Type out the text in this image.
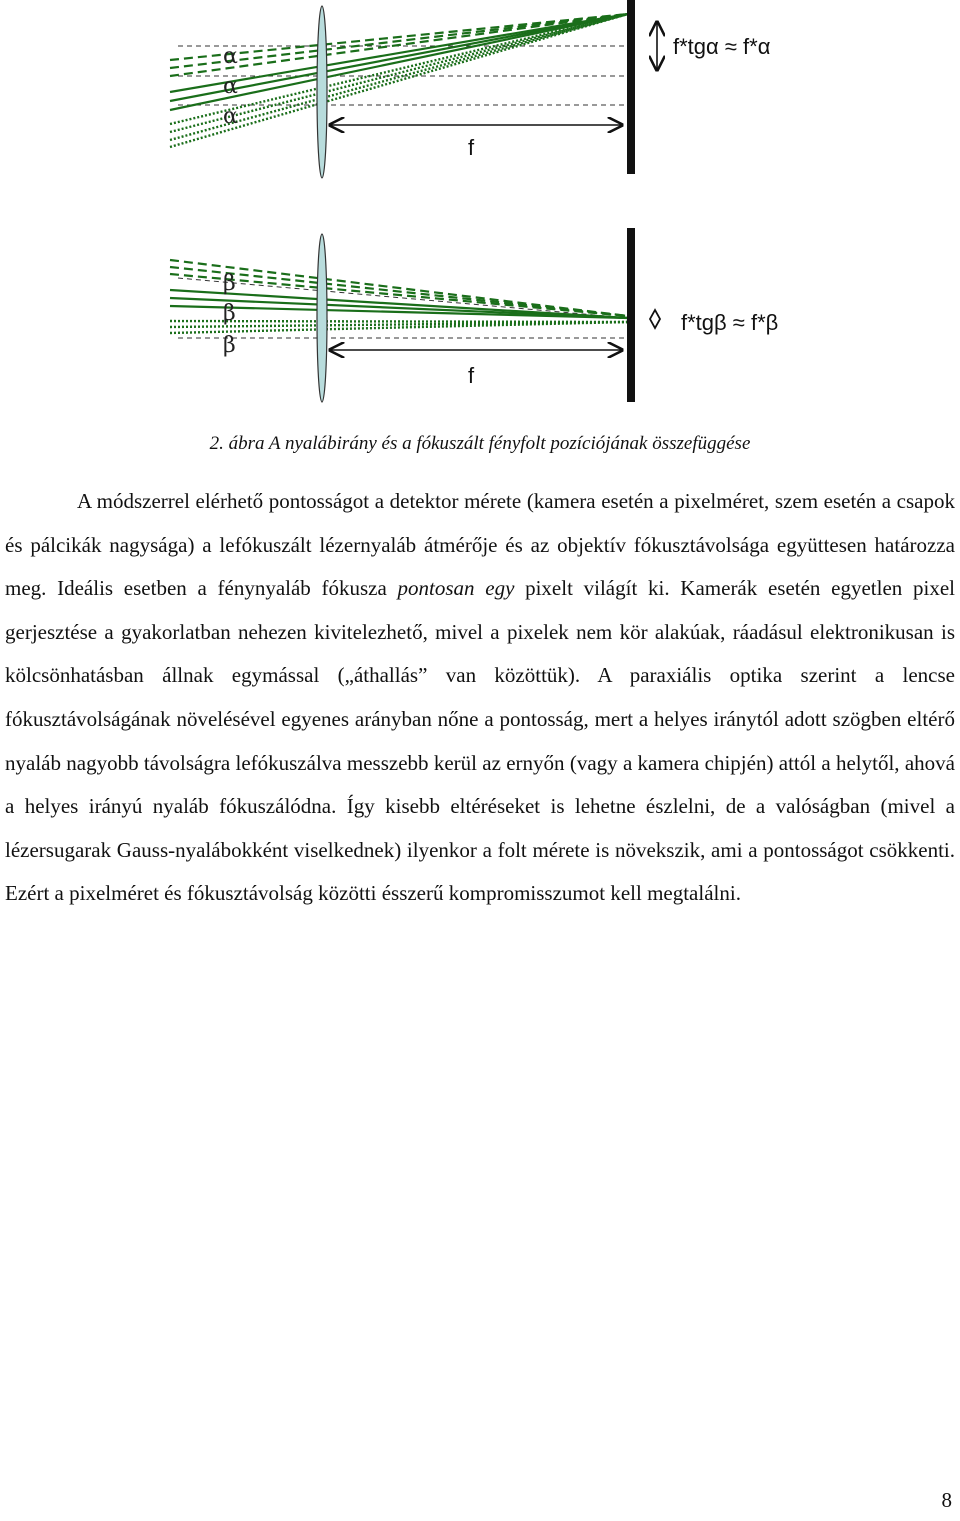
α
α
α
f
f*tgα ≈ f*α
β
β
β
f
f*tgβ ≈ f*β
2. ábra A nyalábirány és a fókuszált fényfolt pozíciójának összefüggése

A módszerrel elérhető pontosságot a detektor mérete (kamera esetén a pixelméret, szem esetén a csapok és pálcikák nagysága) a lefókuszált lézernyaláb átmérője és az objektív fókusztávolsága együttesen határozza meg. Ideális esetben a fénynyaláb fókusza pontosan egy pixelt világít ki. Kamerák esetén egyetlen pixel gerjesztése a gyakorlatban nehezen kivitelezhető, mivel a pixelek nem kör alakúak, ráadásul elektronikusan is kölcsönhatásban állnak egymással („áthallás” van közöttük). A paraxiális optika szerint a lencse fókusztávolságának növelésével egyenes arányban nőne a pontosság, mert a helyes iránytól adott szögben eltérő nyaláb nagyobb távolságra lefókuszálva messzebb kerül az ernyőn (vagy a kamera chipjén) attól a helytől, ahová a helyes irányú nyaláb fókuszálódna. Így kisebb eltéréseket is lehetne észlelni, de a valóságban (mivel a lézersugarak Gauss-nyalábokként viselkednek) ilyenkor a folt mérete is növekszik, ami a pontosságot csökkenti. Ezért a pixelméret és fókusztávolság közötti ésszerű kompromisszumot kell megtalálni.

8
